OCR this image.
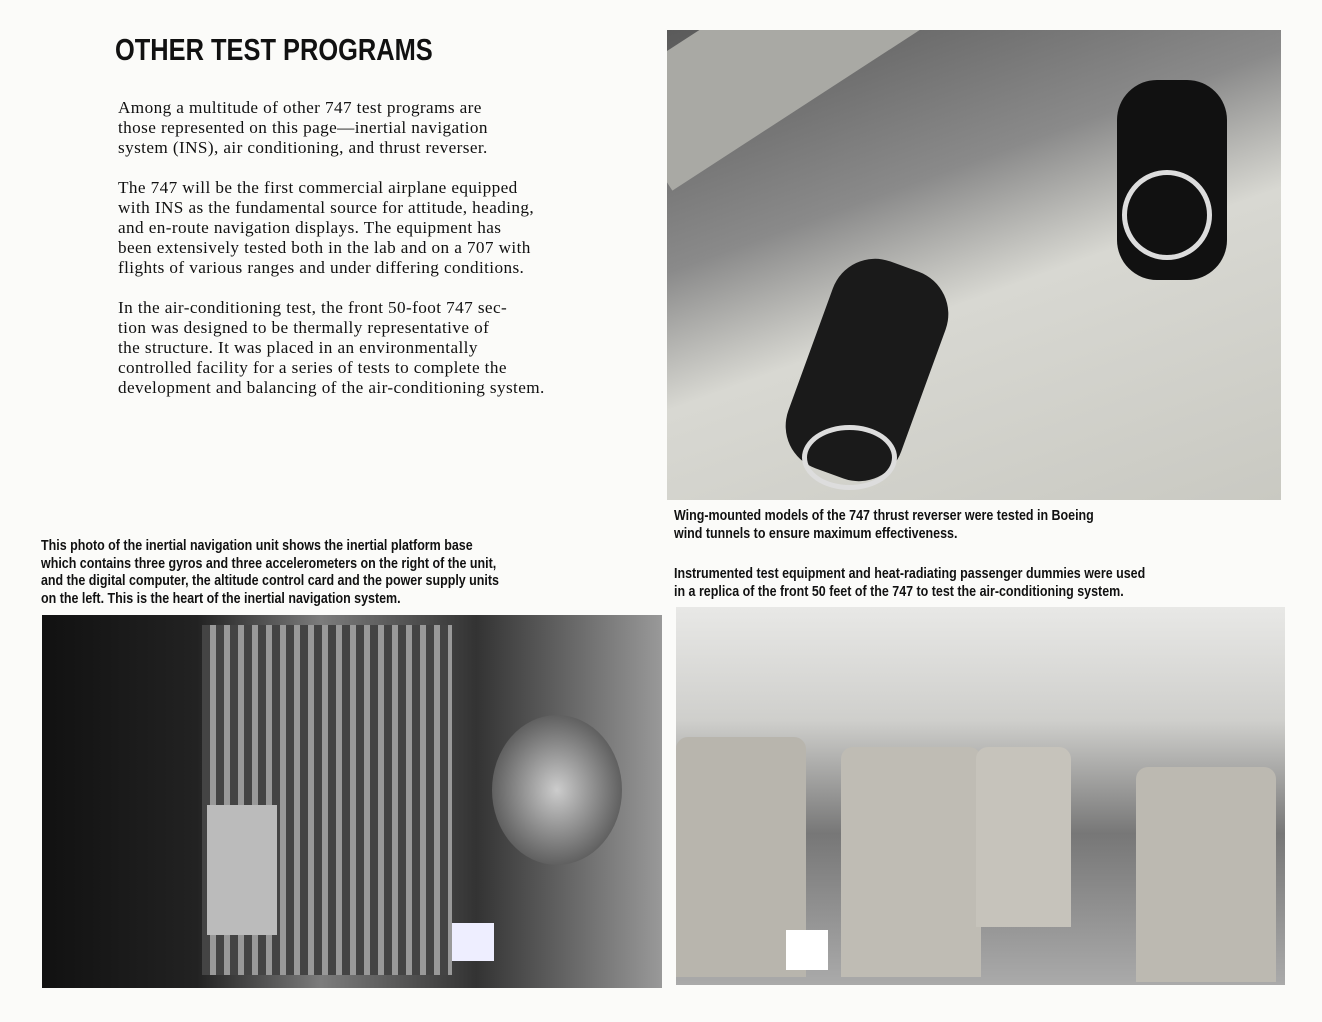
OTHER TEST PROGRAMS

Among a multitude of other 747 test programs are
those represented on this page—inertial navigation
system (INS), air conditioning, and thrust reverser.

The 747 will be the first commercial airplane equipped
with INS as the fundamental source for attitude, heading,
and en-route navigation displays. The equipment has
been extensively tested both in the lab and on a 707 with
flights of various ranges and under differing conditions.

In the air-conditioning test, the front 50-foot 747 sec-
tion was designed to be thermally representative of
the structure. It was placed in an environmentally
controlled facility for a series of tests to complete the
development and balancing of the air-conditioning system.

Wing-mounted models of the 747 thrust reverser were tested in Boeing
wind tunnels to ensure maximum effectiveness.
Instrumented test equipment and heat-radiating passenger dummies were used
in a replica of the front 50 feet of the 747 to test the air-conditioning system.
This photo of the inertial navigation unit shows the inertial platform base
which contains three gyros and three accelerometers on the right of the unit,
and the digital computer, the altitude control card and the power supply units
on the left. This is the heart of the inertial navigation system.
